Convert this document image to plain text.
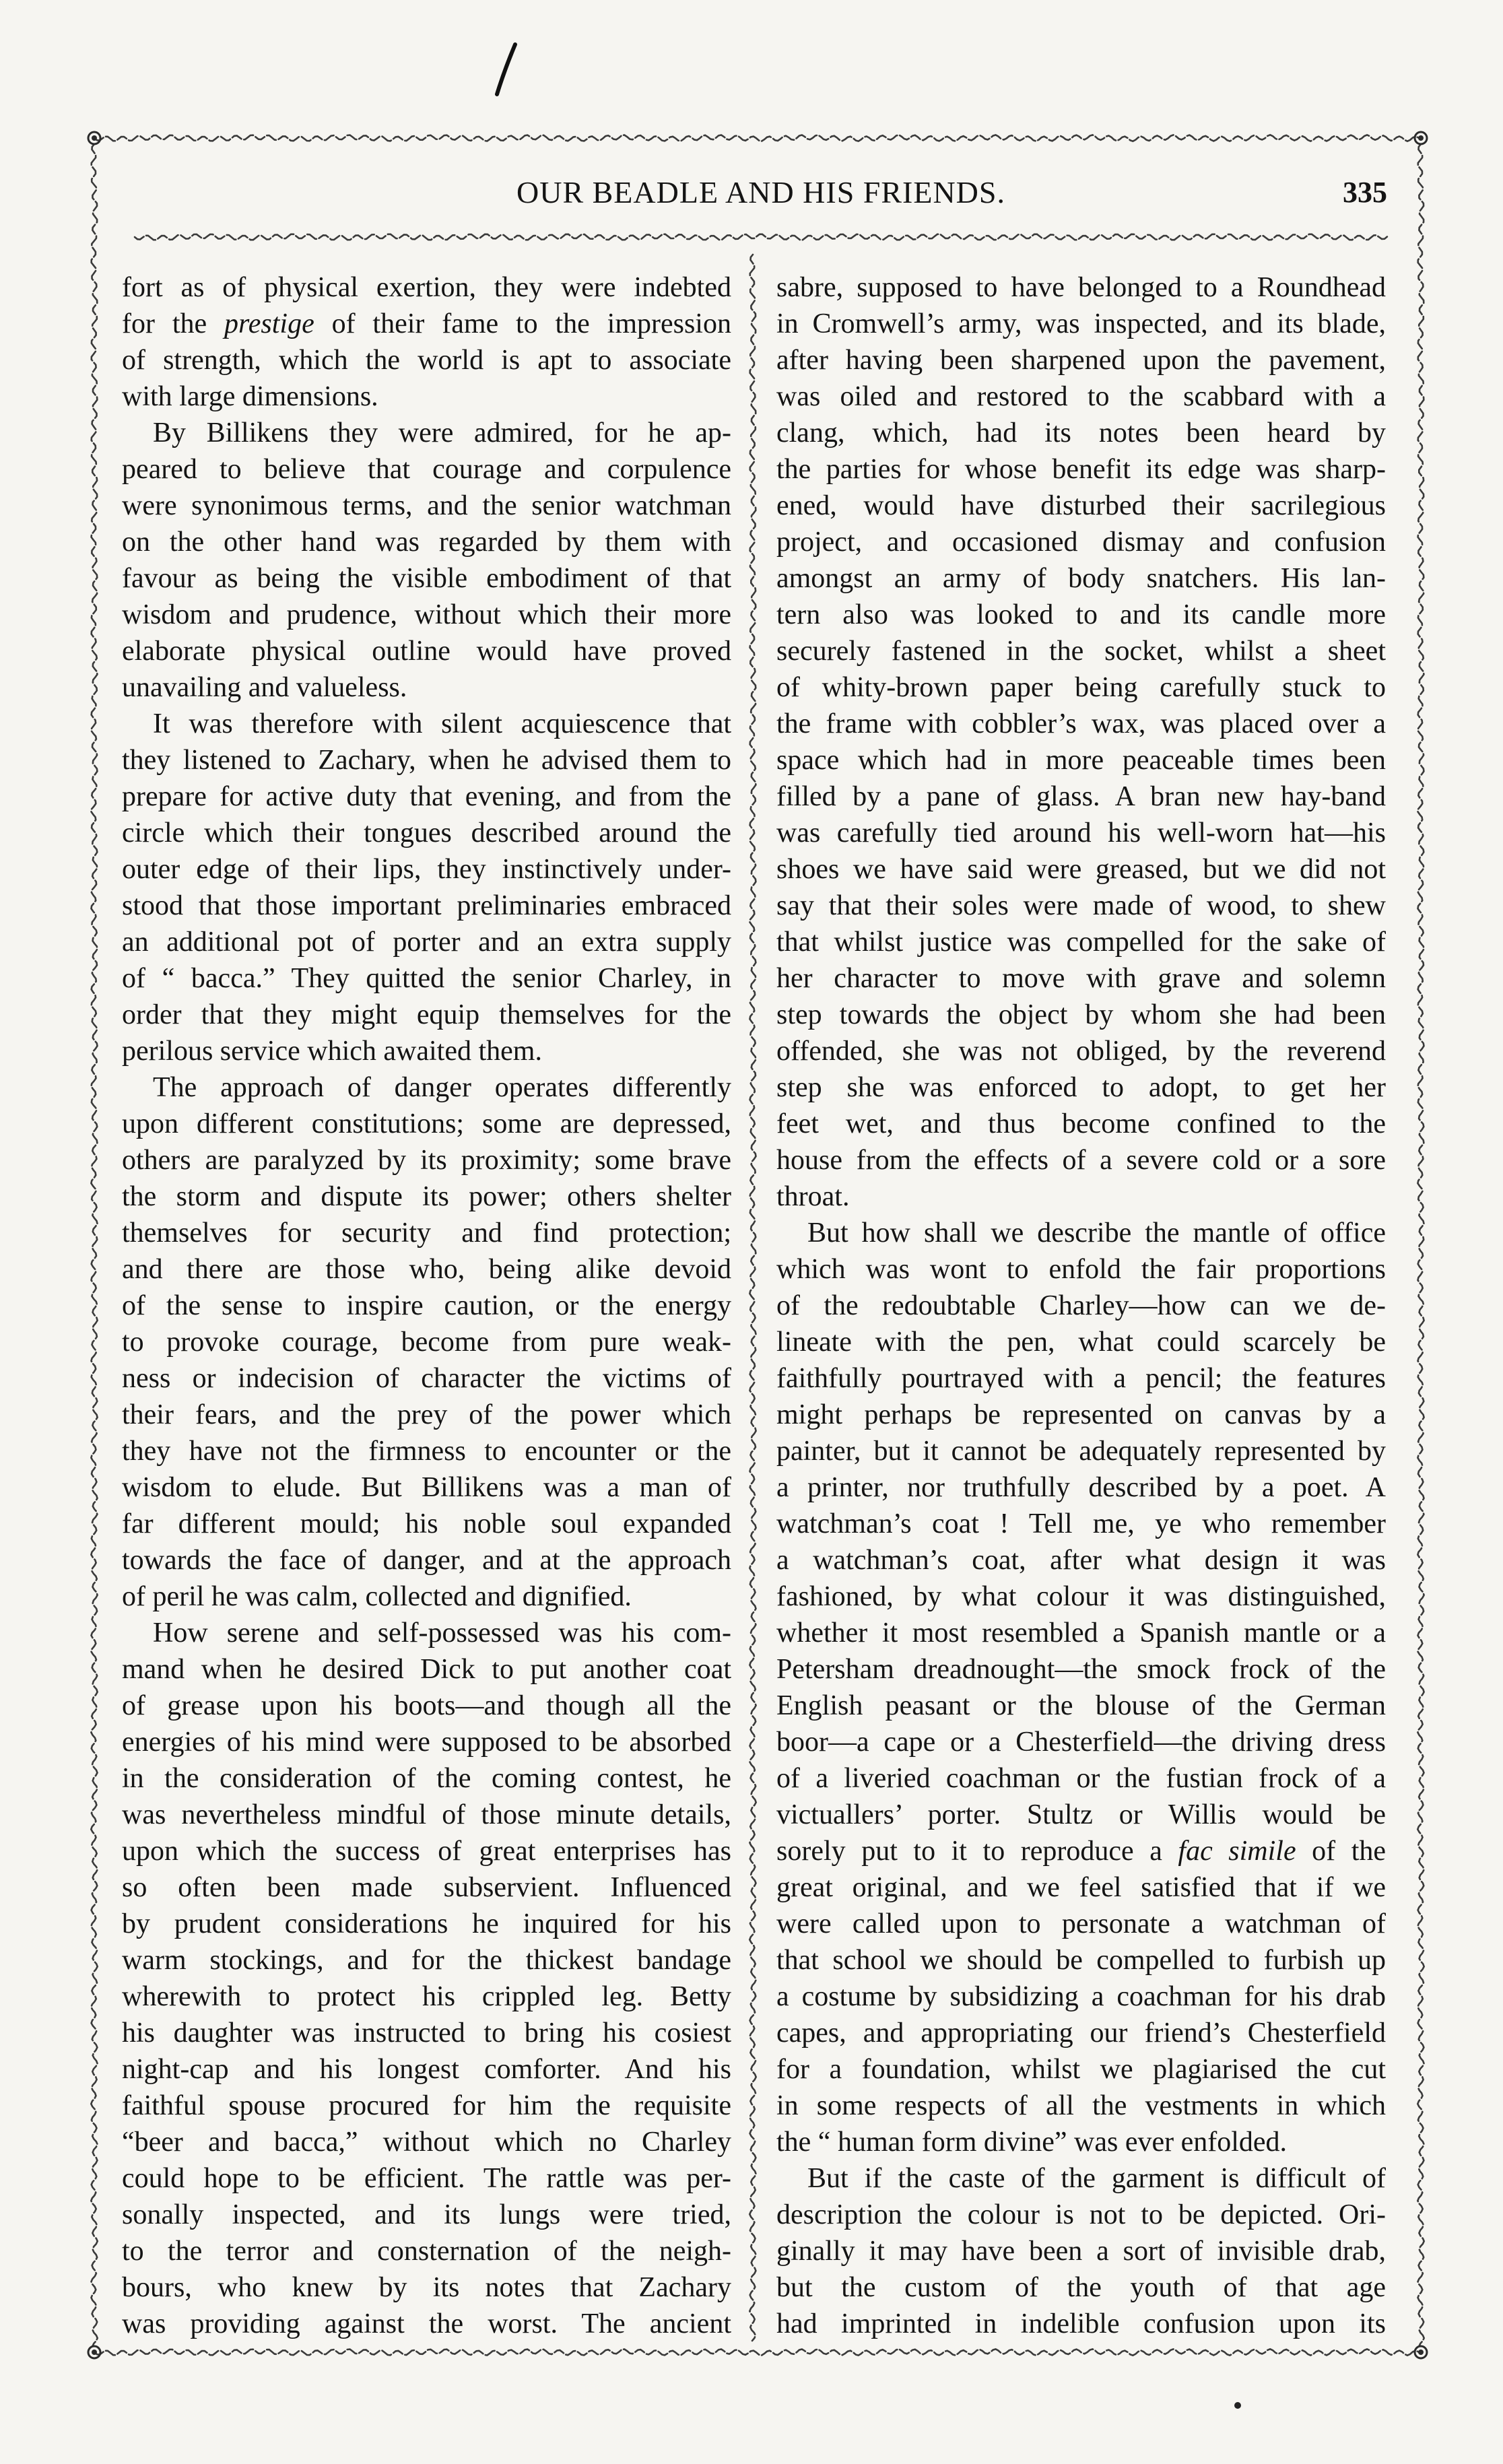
OUR BEADLE AND HIS FRIENDS.	335
fort as of physical exertion, they were indebted
for the prestige of their fame to the impression
of strength, which the world is apt to associate
with large dimensions.
By Billikens they were admired, for he ap-
peared to believe that courage and corpulence
were synonimous terms, and the senior watchman
on the other hand was regarded by them with
favour as being the visible embodiment of that
wisdom and prudence, without which their more
elaborate physical outline would have proved
unavailing and valueless.
It was therefore with silent acquiescence that
they listened to Zachary, when he advised them to
prepare for active duty that evening, and from the
circle which their tongues described around the
outer edge of their lips, they instinctively under-
stood that those important preliminaries embraced
an additional pot of porter and an extra supply
of “ bacca.” They quitted the senior Charley, in
order that they might equip themselves for the
perilous service which awaited them.
The approach of danger operates differently
upon different constitutions; some are depressed,
others are paralyzed by its proximity; some brave
the storm and dispute its power; others shelter
themselves for security and find protection;
and there are those who, being alike devoid
of the sense to inspire caution, or the energy
to provoke courage, become from pure weak-
ness or indecision of character the victims of
their fears, and the prey of the power which
they have not the firmness to encounter or the
wisdom to elude. But Billikens was a man of
far different mould; his noble soul expanded
towards the face of danger, and at the approach
of peril he was calm, collected and dignified.
How serene and self-possessed was his com-
mand when he desired Dick to put another coat
of grease upon his boots—and though all the
energies of his mind were supposed to be absorbed
in the consideration of the coming contest, he
was nevertheless mindful of those minute details,
upon which the success of great enterprises has
so often been made subservient. Influenced
by prudent considerations he inquired for his
warm stockings, and for the thickest bandage
wherewith to protect his crippled leg. Betty
his daughter was instructed to bring his cosiest
night-cap and his longest comforter. And his
faithful spouse procured for him the requisite
“beer and bacca,” without which no Charley
could hope to be efficient. The rattle was per-
sonally inspected, and its lungs were tried,
to the terror and consternation of the neigh-
bours, who knew by its notes that Zachary
was providing against the worst. The ancient
sabre, supposed to have belonged to a Roundhead
in Cromwell’s army, was inspected, and its blade,
after having been sharpened upon the pavement,
was oiled and restored to the scabbard with a
clang, which, had its notes been heard by
the parties for whose benefit its edge was sharp-
ened, would have disturbed their sacrilegious
project, and occasioned dismay and confusion
amongst an army of body snatchers. His lan-
tern also was looked to and its candle more
securely fastened in the socket, whilst a sheet
of whity-brown paper being carefully stuck to
the frame with cobbler’s wax, was placed over a
space which had in more peaceable times been
filled by a pane of glass. A bran new hay-band
was carefully tied around his well-worn hat—his
shoes we have said were greased, but we did not
say that their soles were made of wood, to shew
that whilst justice was compelled for the sake of
her character to move with grave and solemn
step towards the object by whom she had been
offended, she was not obliged, by the reverend
step she was enforced to adopt, to get her
feet wet, and thus become confined to the
house from the effects of a severe cold or a sore
throat.
But how shall we describe the mantle of office
which was wont to enfold the fair proportions
of the redoubtable Charley—how can we de-
lineate with the pen, what could scarcely be
faithfully pourtrayed with a pencil; the features
might perhaps be represented on canvas by a
painter, but it cannot be adequately represented by
a printer, nor truthfully described by a poet. A
watchman’s coat ! Tell me, ye who remember
a watchman’s coat, after what design it was
fashioned, by what colour it was distinguished,
whether it most resembled a Spanish mantle or a
Petersham dreadnought—the smock frock of the
English peasant or the blouse of the German
boor—a cape or a Chesterfield—the driving dress
of a liveried coachman or the fustian frock of a
victuallers’ porter. Stultz or Willis would be
sorely put to it to reproduce a fac simile of the
great original, and we feel satisfied that if we
were called upon to personate a watchman of
that school we should be compelled to furbish up
a costume by subsidizing a coachman for his drab
capes, and appropriating our friend’s Chesterfield
for a foundation, whilst we plagiarised the cut
in some respects of all the vestments in which
the “ human form divine” was ever enfolded.
But if the caste of the garment is difficult of
description the colour is not to be depicted. Ori-
ginally it may have been a sort of invisible drab,
but the custom of the youth of that age
had imprinted in indelible confusion upon its
